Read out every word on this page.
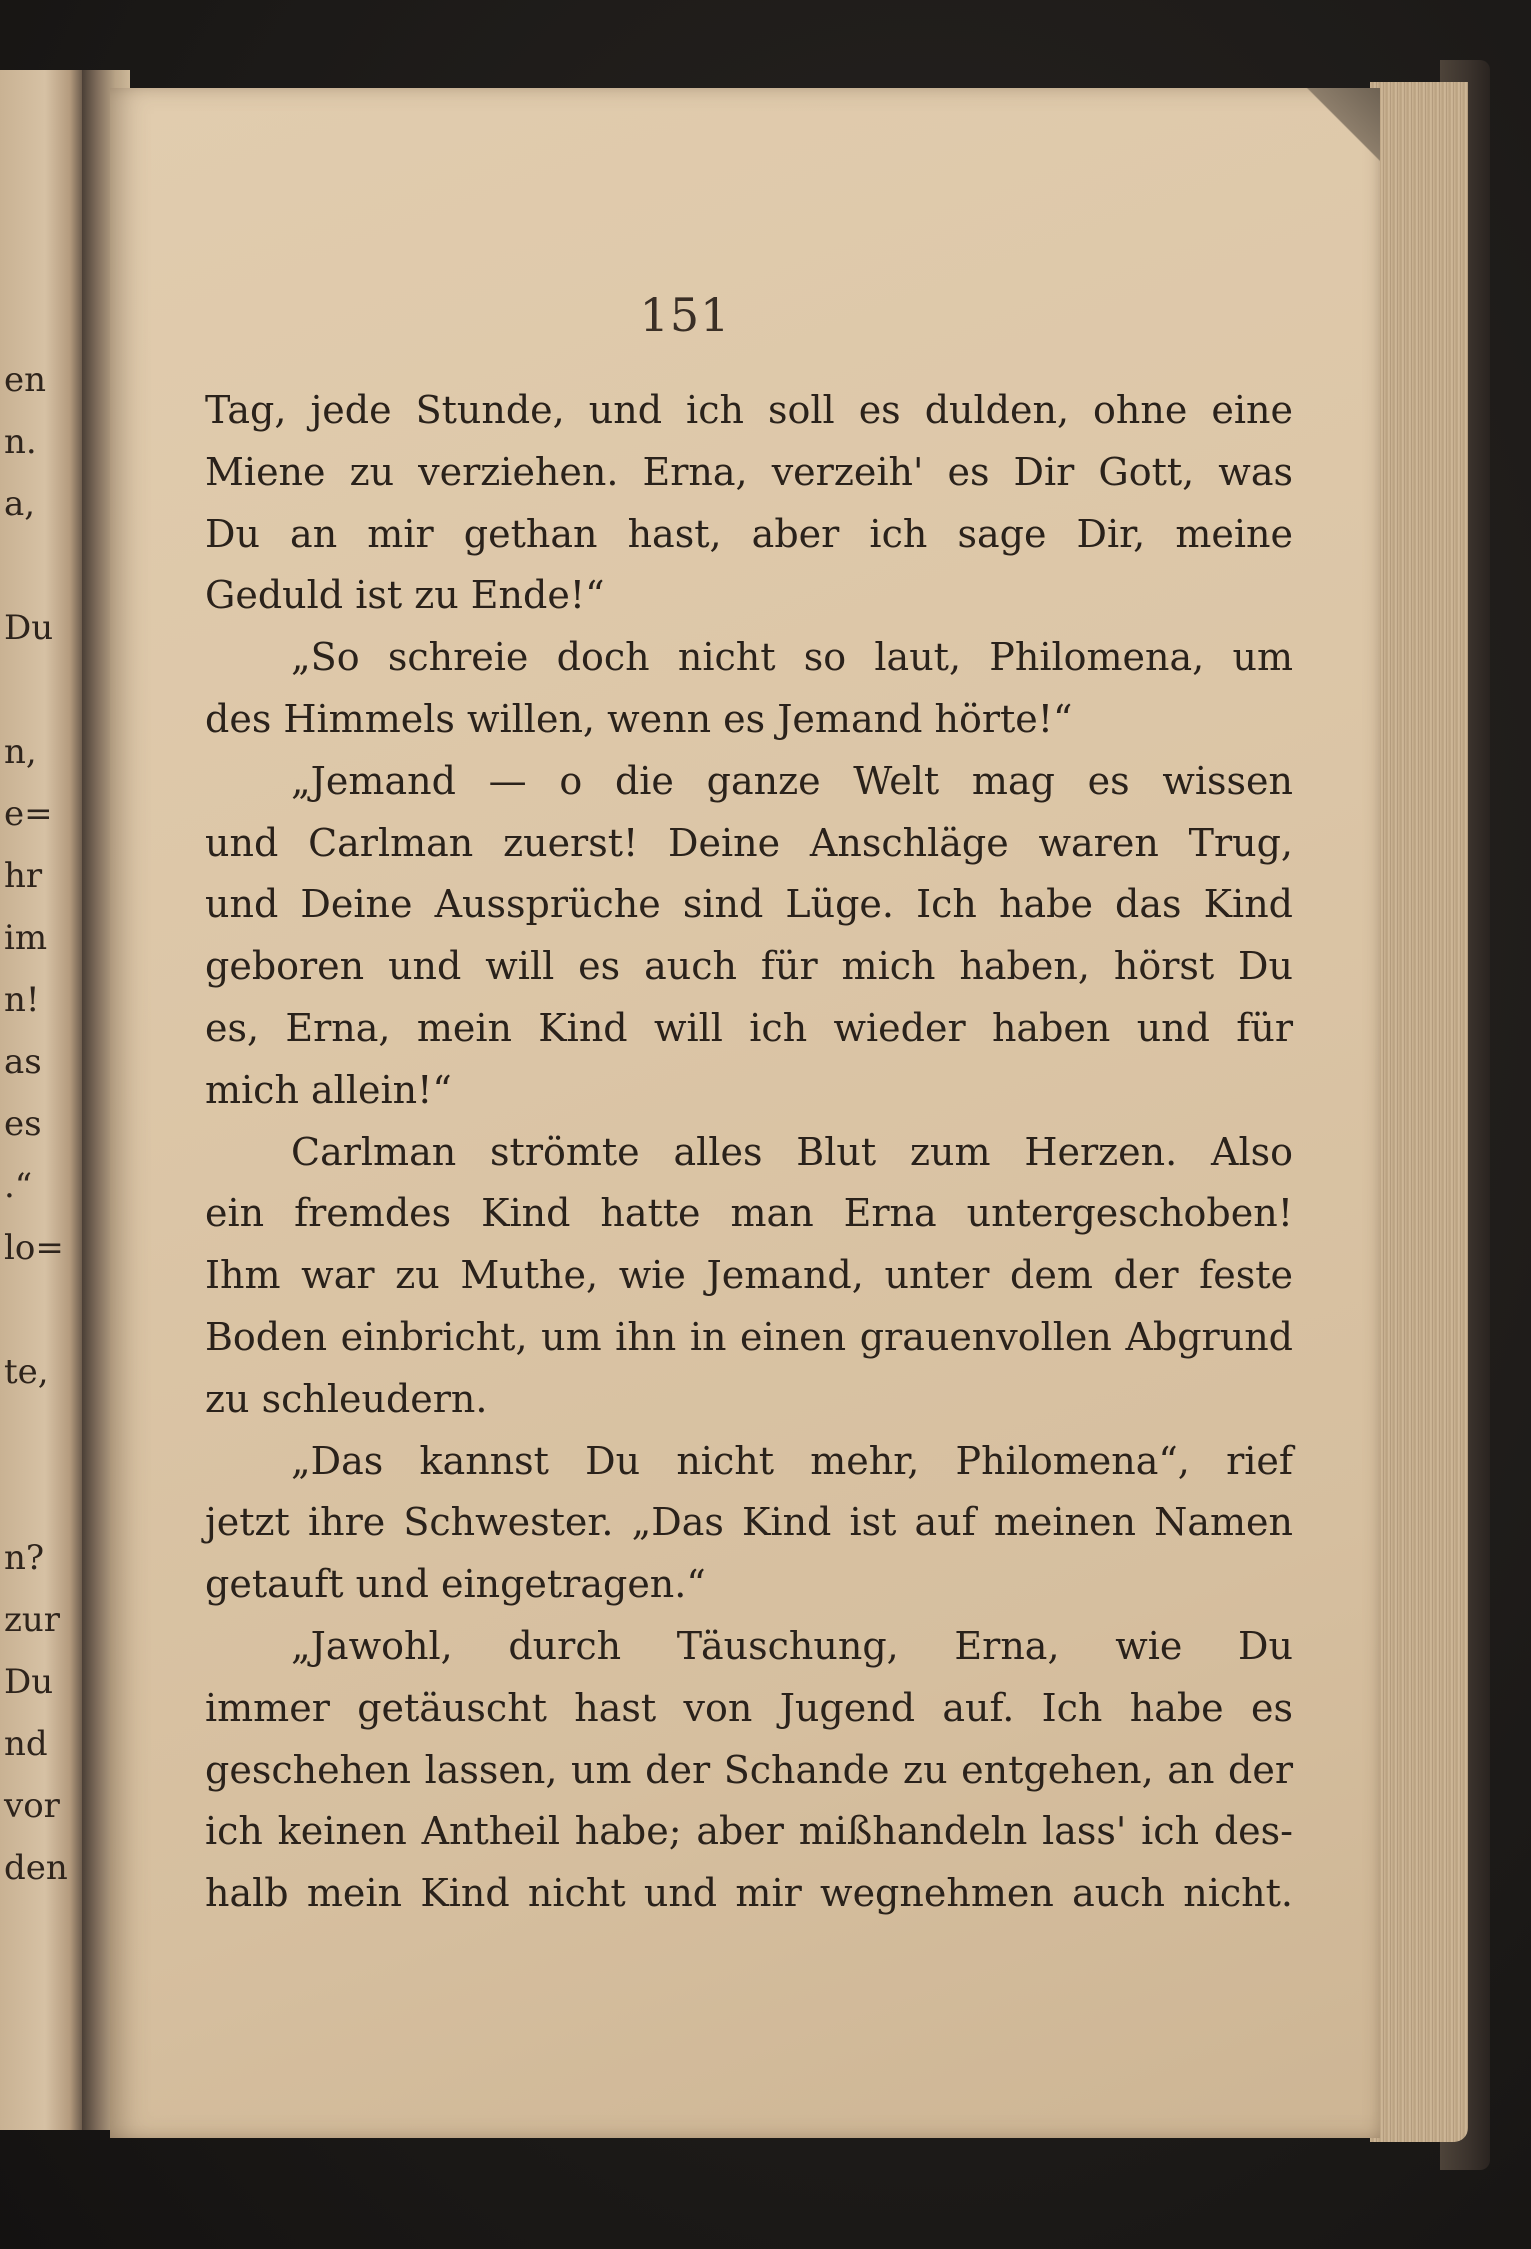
en
n.
a,
Du
n,
e=
hr
im
n!
as
es
.“
lo=
te,
n?
zur
Du
nd
vor
den
151
Tag, jede Stunde, und ich soll es dulden, ohne eine
Miene zu verziehen. Erna, verzeih' es Dir Gott, was
Du an mir gethan hast, aber ich sage Dir, meine
Geduld ist zu Ende!“
„So schreie doch nicht so laut, Philomena, um
des Himmels willen, wenn es Jemand hörte!“
„Jemand — o die ganze Welt mag es wissen
und Carlman zuerst! Deine Anschläge waren Trug,
und Deine Aussprüche sind Lüge. Ich habe das Kind
geboren und will es auch für mich haben, hörst Du
es, Erna, mein Kind will ich wieder haben und für
mich allein!“
Carlman strömte alles Blut zum Herzen. Also
ein fremdes Kind hatte man Erna untergeschoben!
Ihm war zu Muthe, wie Jemand, unter dem der feste
Boden einbricht, um ihn in einen grauenvollen Abgrund
zu schleudern.
„Das kannst Du nicht mehr, Philomena“, rief
jetzt ihre Schwester. „Das Kind ist auf meinen Namen
getauft und eingetragen.“
„Jawohl, durch Täuschung, Erna, wie Du
immer getäuscht hast von Jugend auf. Ich habe es
geschehen lassen, um der Schande zu entgehen, an der
ich keinen Antheil habe; aber mißhandeln lass' ich des-
halb mein Kind nicht und mir wegnehmen auch nicht.
